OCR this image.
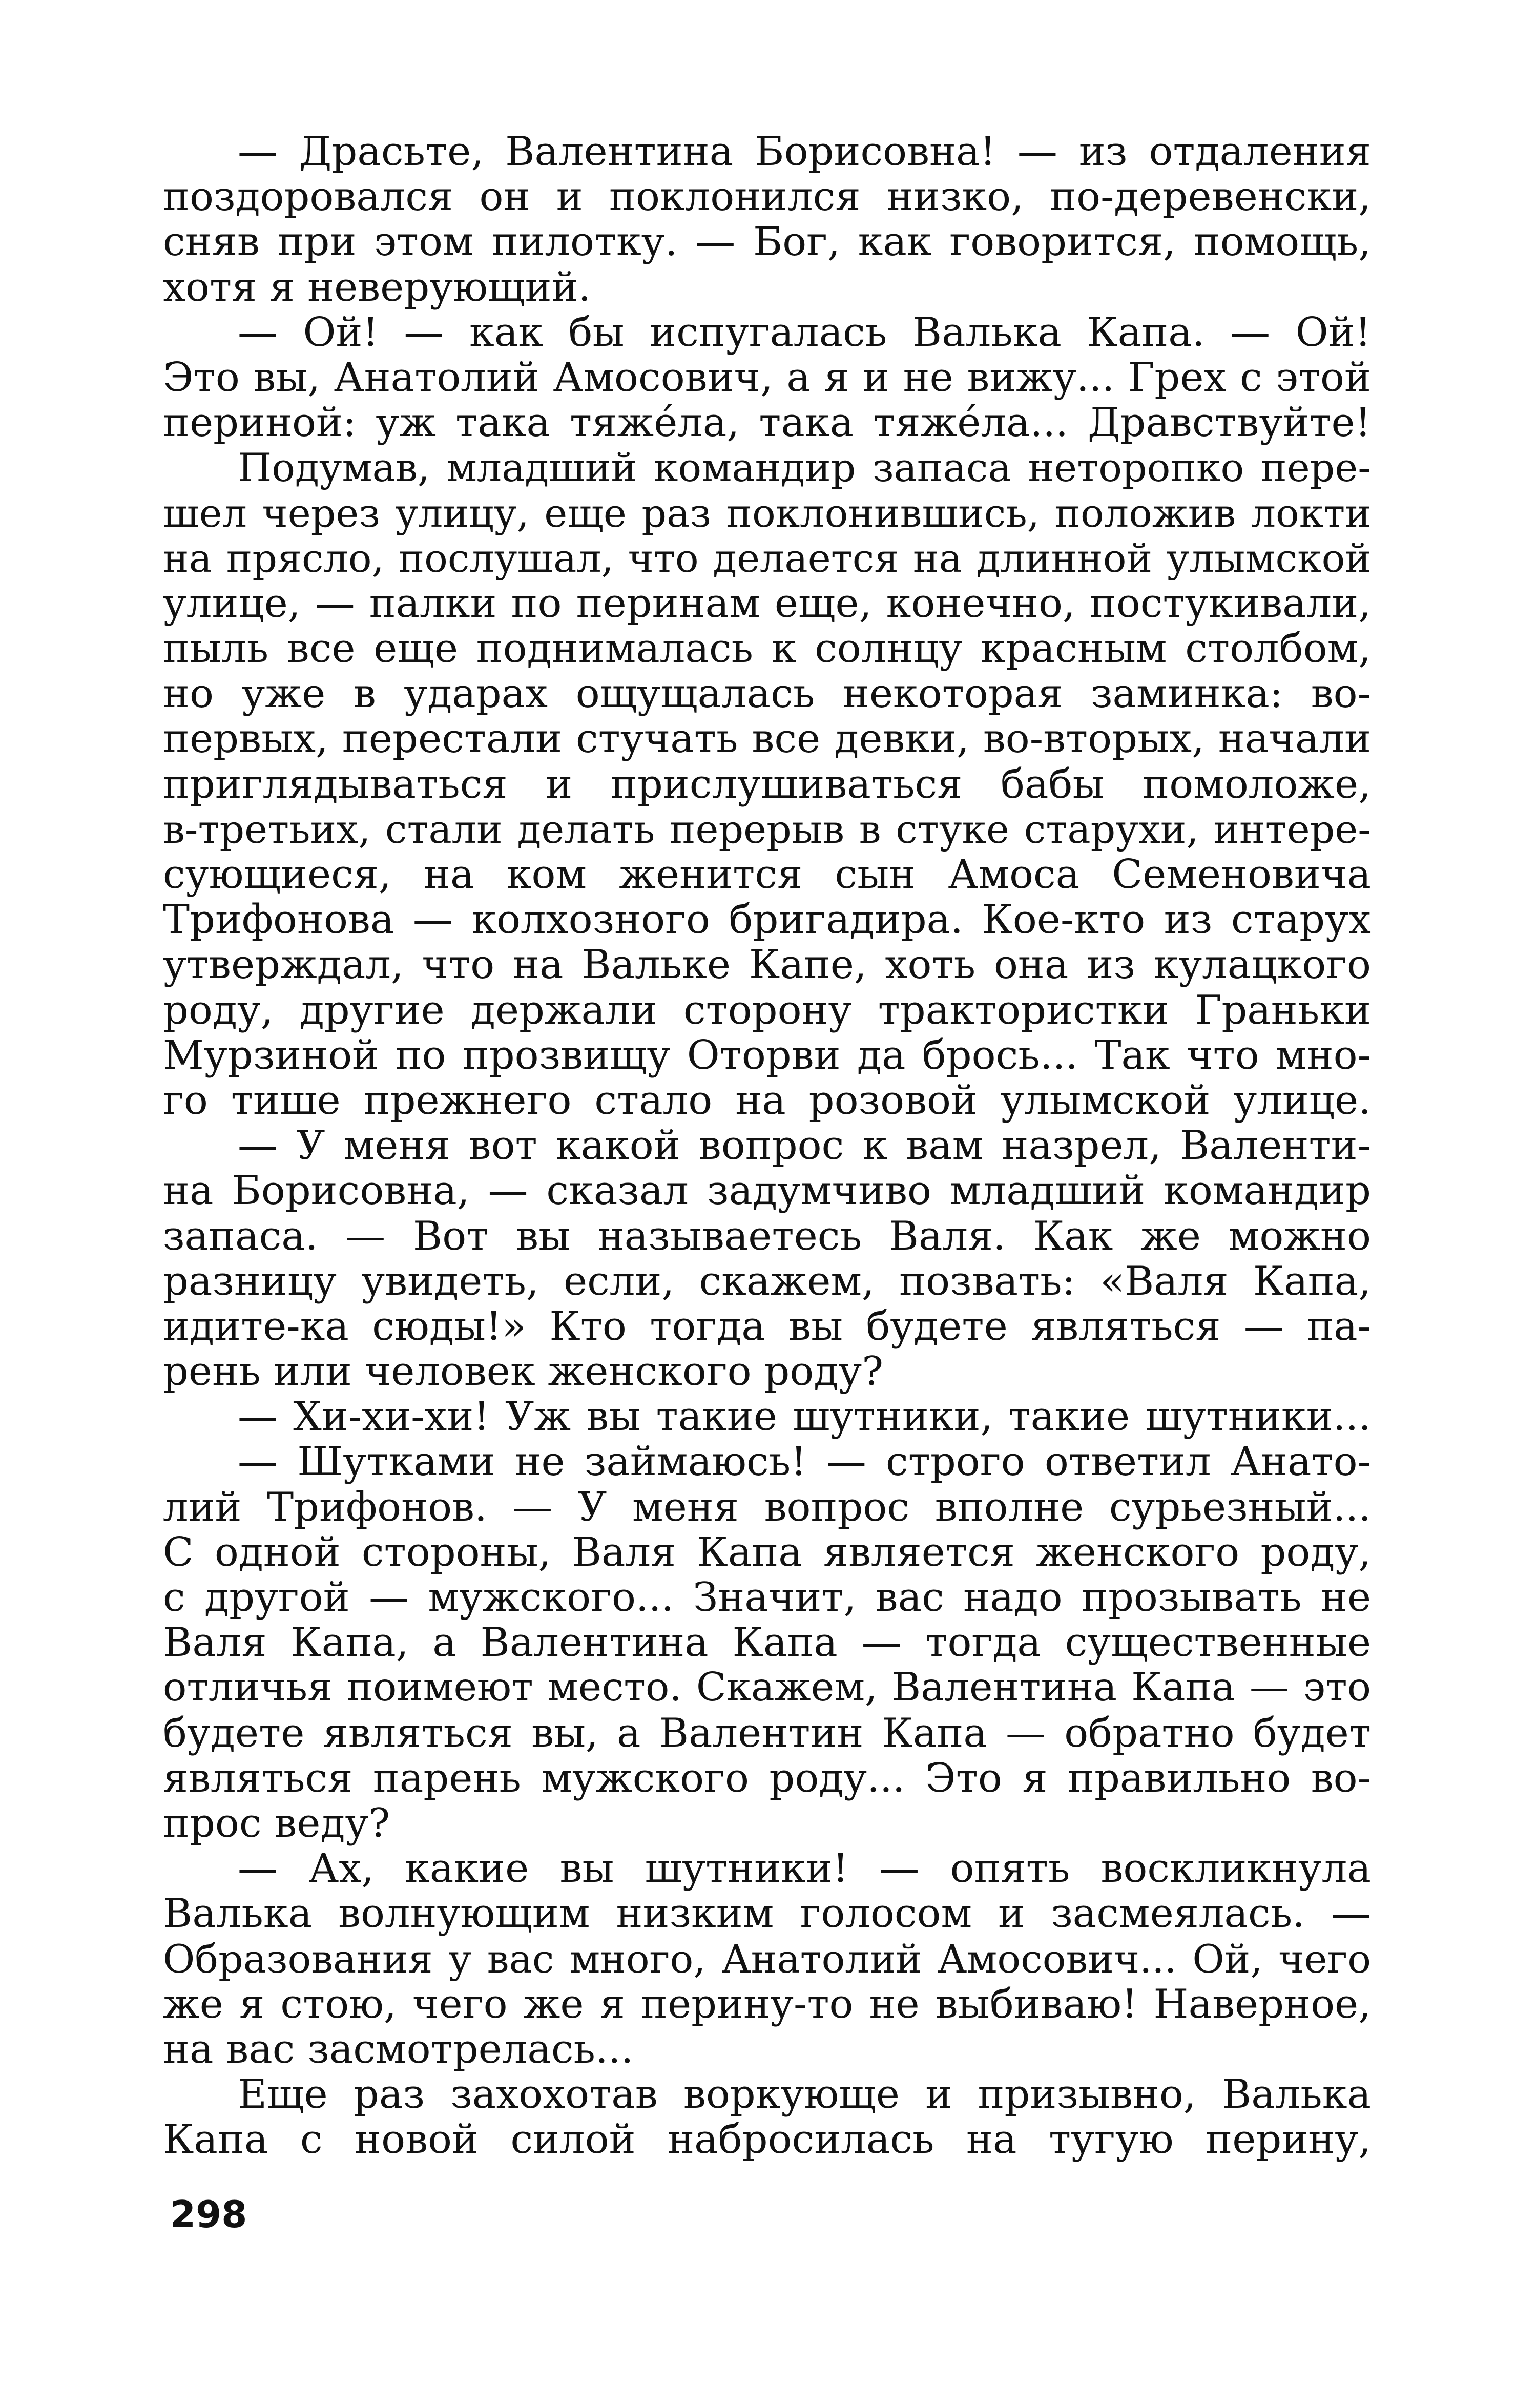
— Драсьте, Валентина Борисовна! — из отдаления
поздоровался он и поклонился низко, по-деревенски,
сняв при этом пилотку. — Бог, как говорится, помощь,
хотя я неверующий.
— Ой! — как бы испугалась Валька Капа. — Ой!
Это вы, Анатолий Амосович, а я и не вижу... Грех с этой
периной: уж така тяжéла, така тяжéла... Дравствуйте!
Подумав, младший командир запаса неторопко пере-
шел через улицу, еще раз поклонившись, положив локти
на прясло, послушал, что делается на длинной улымской
улице, — палки по перинам еще, конечно, постукивали,
пыль все еще поднималась к солнцу красным столбом,
но уже в ударах ощущалась некоторая заминка: во-
первых, перестали стучать все девки, во-вторых, начали
приглядываться и прислушиваться бабы помоложе,
в-третьих, стали делать перерыв в стуке старухи, интере-
сующиеся, на ком женится сын Амоса Семеновича
Трифонова — колхозного бригадира. Кое-кто из старух
утверждал, что на Вальке Капе, хоть она из кулацкого
роду, другие держали сторону трактористки Граньки
Мурзиной по прозвищу Оторви да брось... Так что мно-
го тише прежнего стало на розовой улымской улице.
— У меня вот какой вопрос к вам назрел, Валенти-
на Борисовна, — сказал задумчиво младший командир
запаса. — Вот вы называетесь Валя. Как же можно
разницу увидеть, если, скажем, позвать: «Валя Капа,
идите-ка сюды!» Кто тогда вы будете являться — па-
рень или человек женского роду?
— Хи-хи-хи! Уж вы такие шутники, такие шутники...
— Шутками не займаюсь! — строго ответил Анато-
лий Трифонов. — У меня вопрос вполне сурьезный...
С одной стороны, Валя Капа является женского роду,
с другой — мужского... Значит, вас надо прозывать не
Валя Капа, а Валентина Капа — тогда существенные
отличья поимеют место. Скажем, Валентина Капа — это
будете являться вы, а Валентин Капа — обратно будет
являться парень мужского роду... Это я правильно во-
прос веду?
— Ах, какие вы шутники! — опять воскликнула
Валька волнующим низким голосом и засмеялась. —
Образования у вас много, Анатолий Амосович... Ой, чего
же я стою, чего же я перину-то не выбиваю! Наверное,
на вас засмотрелась...
Еще раз захохотав воркующе и призывно, Валька
Капа с новой силой набросилась на тугую перину,
298
